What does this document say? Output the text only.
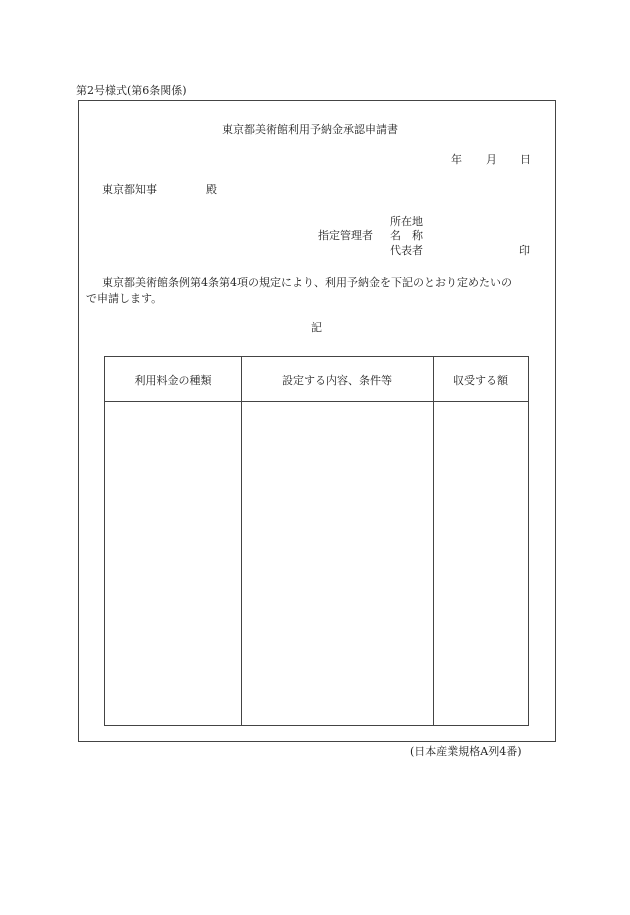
第2号様式(第6条関係)
東京都美術館利用予納金承認申請書
年 月 日
東京都知事	殿
所在地
指定管理者 名　称
代表者	印
東京都美術館条例第4条第4項の規定により、利用予納金を下記のとおり定めたいの
で申請します。
記
利用料金の種類	設定する内容、条件等	収受する額
(日本産業規格A列4番)
